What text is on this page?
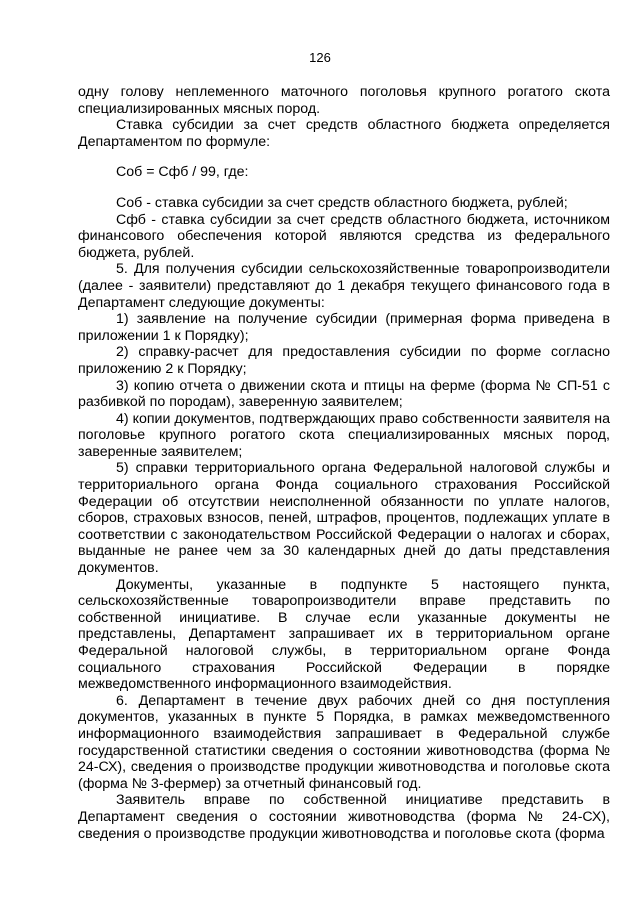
126

одну голову неплеменного маточного поголовья крупного рогатого скота специализированных мясных пород.

Ставка субсидии за счет средств областного бюджета определяется Департаментом по формуле:

Соб = Сфб / 99, где:

Соб - ставка субсидии за счет средств областного бюджета, рублей;

Сфб - ставка субсидии за счет средств областного бюджета, источником финансового обеспечения которой являются средства из федерального бюджета, рублей.

5. Для получения субсидии сельскохозяйственные товаропроизводители (далее - заявители) представляют до 1 декабря текущего финансового года в Департамент следующие документы:

1) заявление на получение субсидии (примерная форма приведена в приложении 1 к Порядку);

2) справку-расчет для предоставления субсидии по форме согласно приложению 2 к Порядку;

3) копию отчета о движении скота и птицы на ферме (форма № СП-51 с разбивкой по породам), заверенную заявителем;

4) копии документов, подтверждающих право собственности заявителя на поголовье крупного рогатого скота специализированных мясных пород, заверенные заявителем;

5) справки территориального органа Федеральной налоговой службы и территориального органа Фонда социального страхования Российской Федерации об отсутствии неисполненной обязанности по уплате налогов, сборов, страховых взносов, пеней, штрафов, процентов, подлежащих уплате в соответствии с законодательством Российской Федерации о налогах и сборах, выданные не ранее чем за 30 календарных дней до даты представления документов.

Документы, указанные в подпункте 5 настоящего пункта, сельскохозяйственные товаропроизводители вправе представить по собственной инициативе. В случае если указанные документы не представлены, Департамент запрашивает их в территориальном органе Федеральной налоговой службы, в территориальном органе Фонда социального страхования Российской Федерации в порядке межведомственного информационного взаимодействия.

6. Департамент в течение двух рабочих дней со дня поступления документов, указанных в пункте 5 Порядка, в рамках межведомственного информационного взаимодействия запрашивает в Федеральной службе государственной статистики сведения о состоянии животноводства (форма № 24-СХ), сведения о производстве продукции животноводства и поголовье скота (форма № 3-фермер) за отчетный финансовый год.

Заявитель вправе по собственной инициативе представить в Департамент сведения о состоянии животноводства (форма № 24-СХ), сведения о производстве продукции животноводства и поголовье скота (форма
